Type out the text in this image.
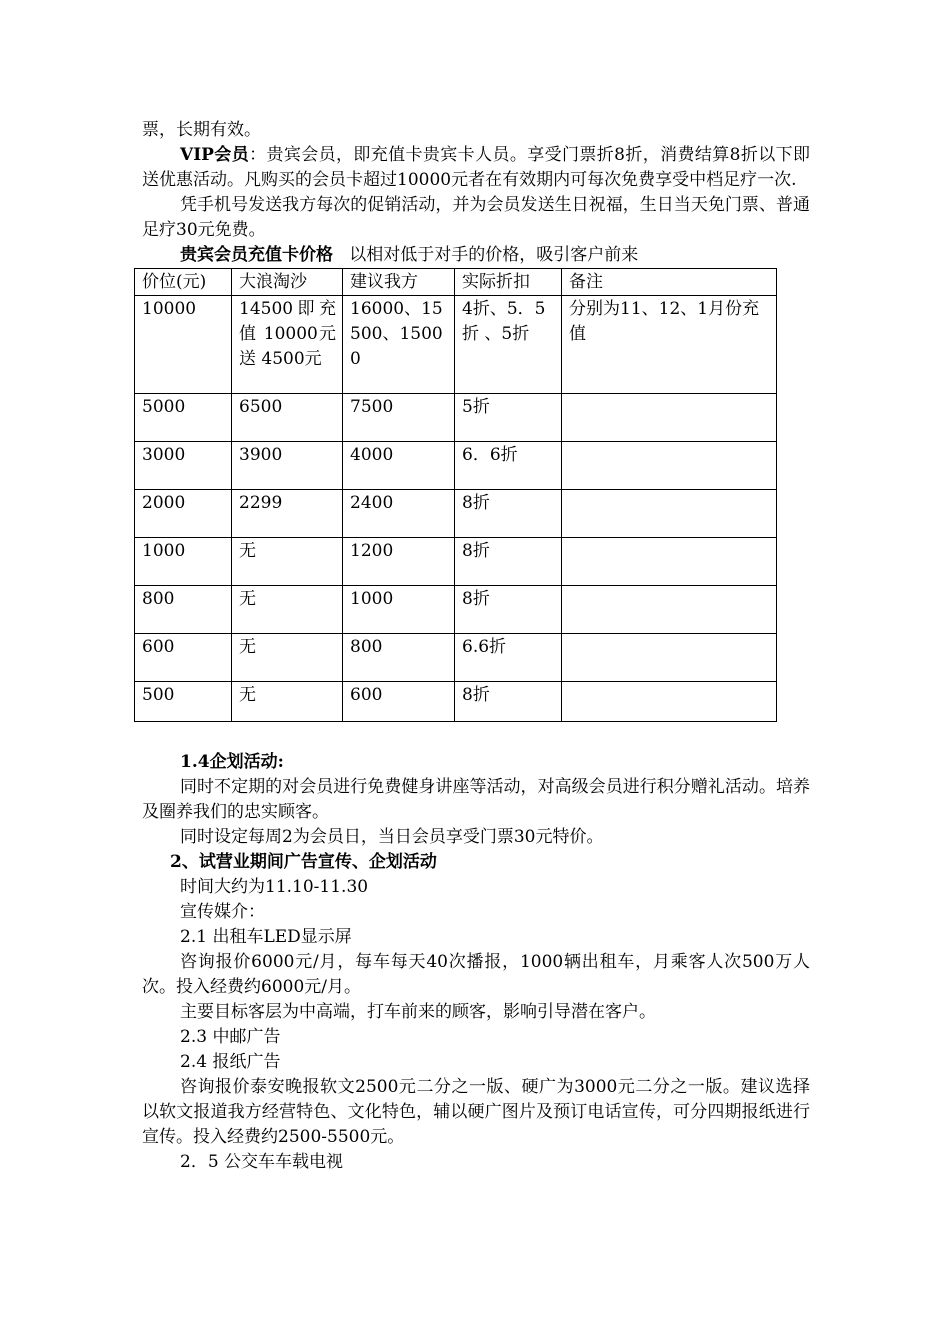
票，长期有效。

VIP会员：贵宾会员，即充值卡贵宾卡人员。享受门票折8折，消费结算8折以下即送优惠活动。凡购买的会员卡超过10000元者在有效期内可每次免费享受中档足疗一次.

凭手机号发送我方每次的促销活动，并为会员发送生日祝福，生日当天免门票、普通足疗30元免费。

贵宾会员充值卡价格 以相对低于对手的价格，吸引客户前来

价位(元)	大浪淘沙	建议我方	实际折扣	备注
10000	14500即充值 10000元送 4500元	16000、15500、15000	4折、5．5折 、5折	分别为11、12、1月份充值
5000	6500	7500	5折	
3000	3900	4000	6．6折	
2000	2299	2400	8折	
1000	无	1200	8折	
800	无	1000	8折	
600	无	800	6.6折	
500	无	600	8折	

1.4企划活动:

同时不定期的对会员进行免费健身讲座等活动，对高级会员进行积分赠礼活动。培养及圈养我们的忠实顾客。

同时设定每周2为会员日，当日会员享受门票30元特价。

2、试营业期间广告宣传、企划活动

时间大约为11.10-11.30

宣传媒介：

2.1 出租车LED显示屏

咨询报价6000元/月，每车每天40次播报，1000辆出租车，月乘客人次500万人次。投入经费约6000元/月。

主要目标客层为中高端，打车前来的顾客，影响引导潜在客户。

2.3 中邮广告

2.4 报纸广告

咨询报价泰安晚报软文2500元二分之一版、硬广为3000元二分之一版。建议选择以软文报道我方经营特色、文化特色，辅以硬广图片及预订电话宣传，可分四期报纸进行宣传。投入经费约2500-5500元。

2．5 公交车车载电视
